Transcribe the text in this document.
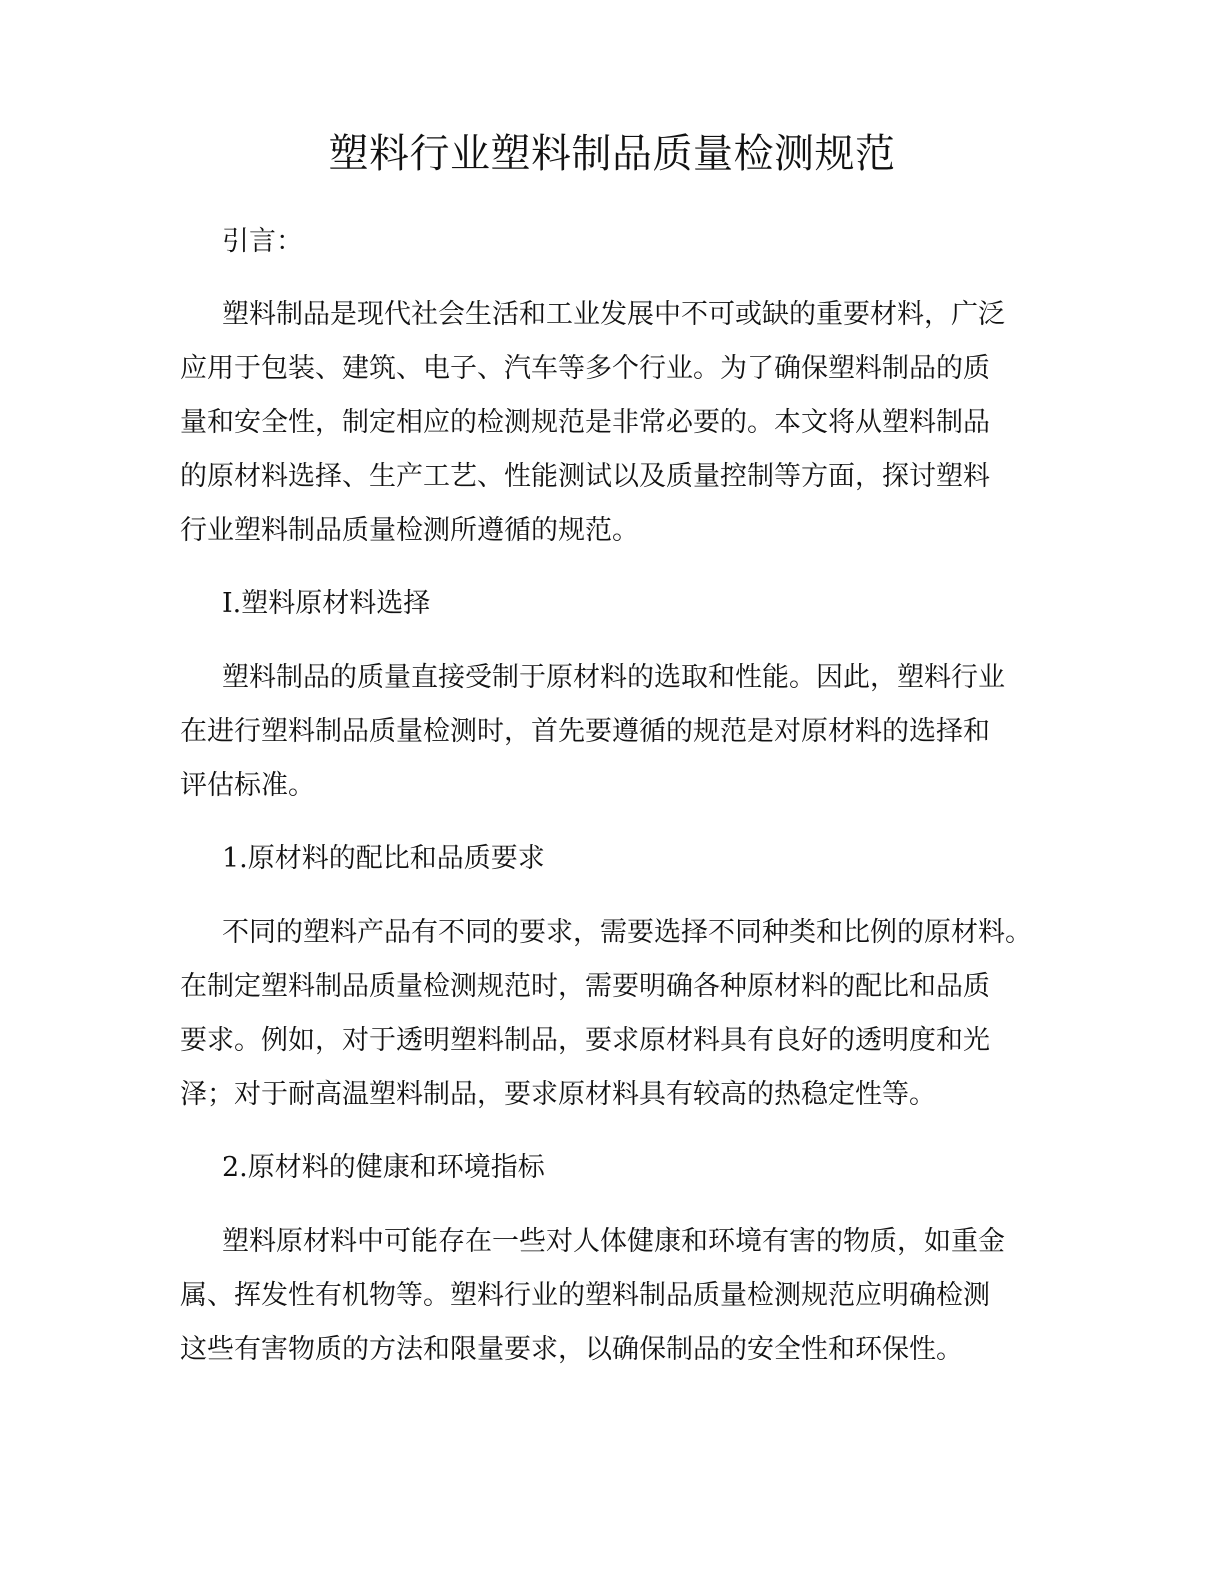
塑料行业塑料制品质量检测规范

引言：

塑料制品是现代社会生活和工业发展中不可或缺的重要材料，广泛

应用于包装、建筑、电子、汽车等多个行业。为了确保塑料制品的质

量和安全性，制定相应的检测规范是非常必要的。本文将从塑料制品

的原材料选择、生产工艺、性能测试以及质量控制等方面，探讨塑料

行业塑料制品质量检测所遵循的规范。

I.塑料原材料选择

塑料制品的质量直接受制于原材料的选取和性能。因此，塑料行业

在进行塑料制品质量检测时，首先要遵循的规范是对原材料的选择和

评估标准。

1.原材料的配比和品质要求

不同的塑料产品有不同的要求，需要选择不同种类和比例的原材料。

在制定塑料制品质量检测规范时，需要明确各种原材料的配比和品质

要求。例如，对于透明塑料制品，要求原材料具有良好的透明度和光

泽；对于耐高温塑料制品，要求原材料具有较高的热稳定性等。

2.原材料的健康和环境指标

塑料原材料中可能存在一些对人体健康和环境有害的物质，如重金

属、挥发性有机物等。塑料行业的塑料制品质量检测规范应明确检测

这些有害物质的方法和限量要求，以确保制品的安全性和环保性。
